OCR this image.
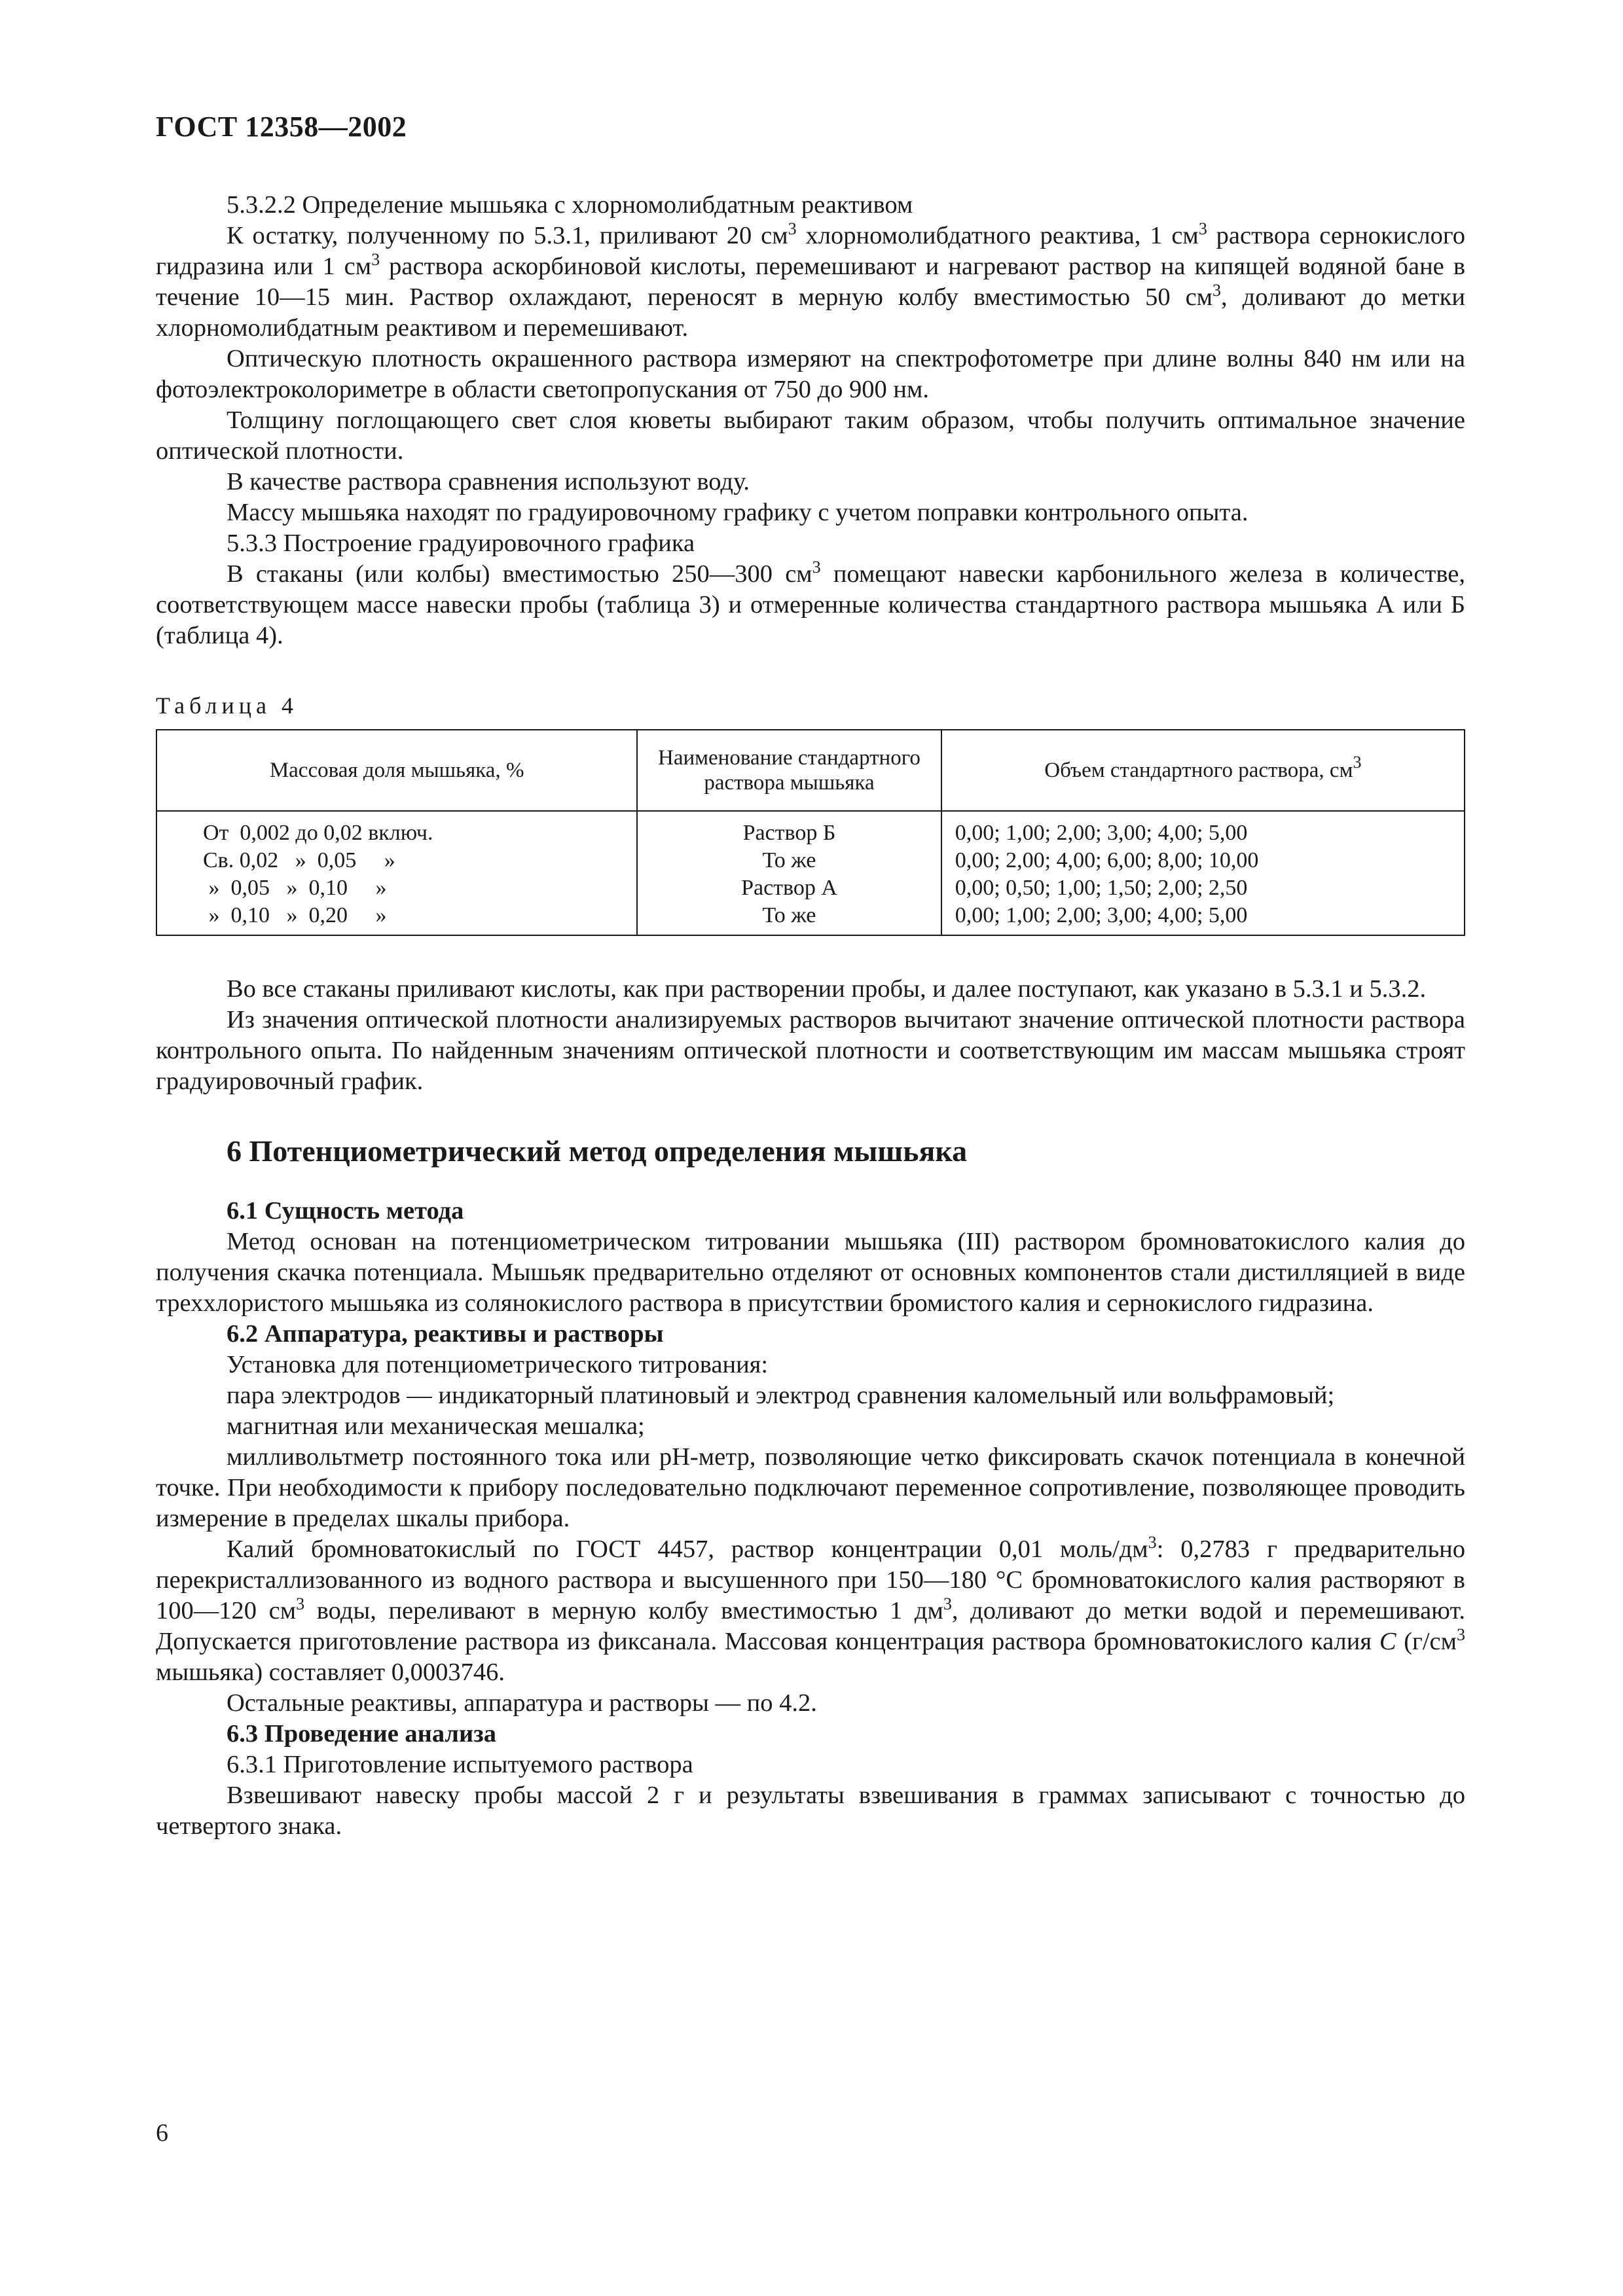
ГОСТ 12358—2002

5.3.2.2 Определение мышьяка с хлорномолибдатным реактивом

К остатку, полученному по 5.3.1, приливают 20 $см^3$ хлорномолибдатного реактива, 1 $см^3$ раствора сернокислого гидразина или 1 $см^3$ раствора аскорбиновой кислоты, перемешивают и нагревают раствор на кипящей водяной бане в течение 10—15 мин. Раствор охлаждают, переносят в мерную колбу вместимостью 50 $см^3$, доливают до метки хлорномолибдатным реактивом и перемешивают.

Оптическую плотность окрашенного раствора измеряют на спектрофотометре при длине волны 840 нм или на фотоэлектроколориметре в области светопропускания от 750 до 900 нм.

Толщину поглощающего свет слоя кюветы выбирают таким образом, чтобы получить оптимальное значение оптической плотности.

В качестве раствора сравнения используют воду.

Массу мышьяка находят по градуировочному графику с учетом поправки контрольного опыта.

5.3.3 Построение градуировочного графика

В стаканы (или колбы) вместимостью 250—300 $см^3$ помещают навески карбонильного железа в количестве, соответствующем массе навески пробы (таблица 3) и отмеренные количества стандартного раствора мышьяка А или Б (таблица 4).

Таблица 4
Массовая доля мышьяка, %	Наименование стандартного раствора мышьяка	Объем стандартного раствора, $см^3$
От  0,002 до 0,02 включ.	Раствор Б	0,00; 1,00; 2,00; 3,00; 4,00; 5,00
Св. 0,02   »  0,05     »	То же	0,00; 2,00; 4,00; 6,00; 8,00; 10,00
»  0,05   »  0,10     »	Раствор А	0,00; 0,50; 1,00; 1,50; 2,00; 2,50
»  0,10   »  0,20     »	То же	0,00; 1,00; 2,00; 3,00; 4,00; 5,00

Во все стаканы приливают кислоты, как при растворении пробы, и далее поступают, как указано в 5.3.1 и 5.3.2.

Из значения оптической плотности анализируемых растворов вычитают значение оптической плотности раствора контрольного опыта. По найденным значениям оптической плотности и соответствующим им массам мышьяка строят градуировочный график.

6 Потенциометрический метод определения мышьяка

6.1 Сущность метода

Метод основан на потенциометрическом титровании мышьяка (III) раствором бромноватокислого калия до получения скачка потенциала. Мышьяк предварительно отделяют от основных компонентов стали дистилляцией в виде треххлористого мышьяка из солянокислого раствора в присутствии бромистого калия и сернокислого гидразина.

6.2 Аппаратура, реактивы и растворы

Установка для потенциометрического титрования:

пара электродов — индикаторный платиновый и электрод сравнения каломельный или вольфрамовый;

магнитная или механическая мешалка;

милливольтметр постоянного тока или pH-метр, позволяющие четко фиксировать скачок потенциала в конечной точке. При необходимости к прибору последовательно подключают переменное сопротивление, позволяющее проводить измерение в пределах шкалы прибора.

Калий бромноватокислый по ГОСТ 4457, раствор концентрации 0,01 моль/$дм^3$: 0,2783 г предварительно перекристаллизованного из водного раствора и высушенного при 150—180 °С бромноватокислого калия растворяют в 100—120 $см^3$ воды, переливают в мерную колбу вместимостью 1 $дм^3$, доливают до метки водой и перемешивают. Допускается приготовление раствора из фиксанала. Массовая концентрация раствора бромноватокислого калия С ($г/см^3$ мышьяка) составляет 0,0003746.

Остальные реактивы, аппаратура и растворы — по 4.2.

6.3 Проведение анализа

6.3.1 Приготовление испытуемого раствора

Взвешивают навеску пробы массой 2 г и результаты взвешивания в граммах записывают с точностью до четвертого знака.

6
